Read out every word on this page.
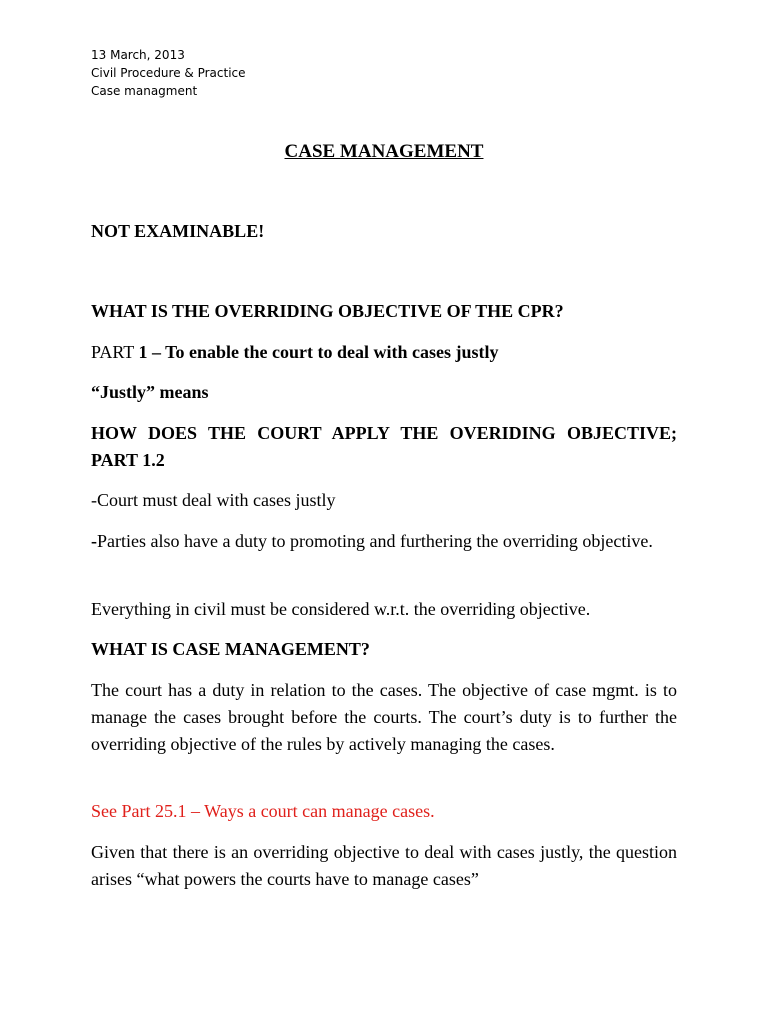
13 March, 2013
Civil Procedure & Practice
Case managment
CASE MANAGEMENT
NOT EXAMINABLE!
WHAT IS THE OVERRIDING OBJECTIVE OF THE CPR?
PART 1 – To enable the court to deal with cases justly
“Justly” means
HOW DOES THE COURT APPLY THE OVERIDING OBJECTIVE; PART 1.2
-Court must deal with cases justly
-Parties also have a duty to promoting and furthering the overriding objective.
Everything in civil must be considered w.r.t. the overriding objective.
WHAT IS CASE MANAGEMENT?
The court has a duty in relation to the cases. The objective of case mgmt. is to manage the cases brought before the courts. The court’s duty is to further the overriding objective of the rules by actively managing the cases.
See Part 25.1 – Ways a court can manage cases.
Given that there is an overriding objective to deal with cases justly, the question arises “what powers the courts have to manage cases”
